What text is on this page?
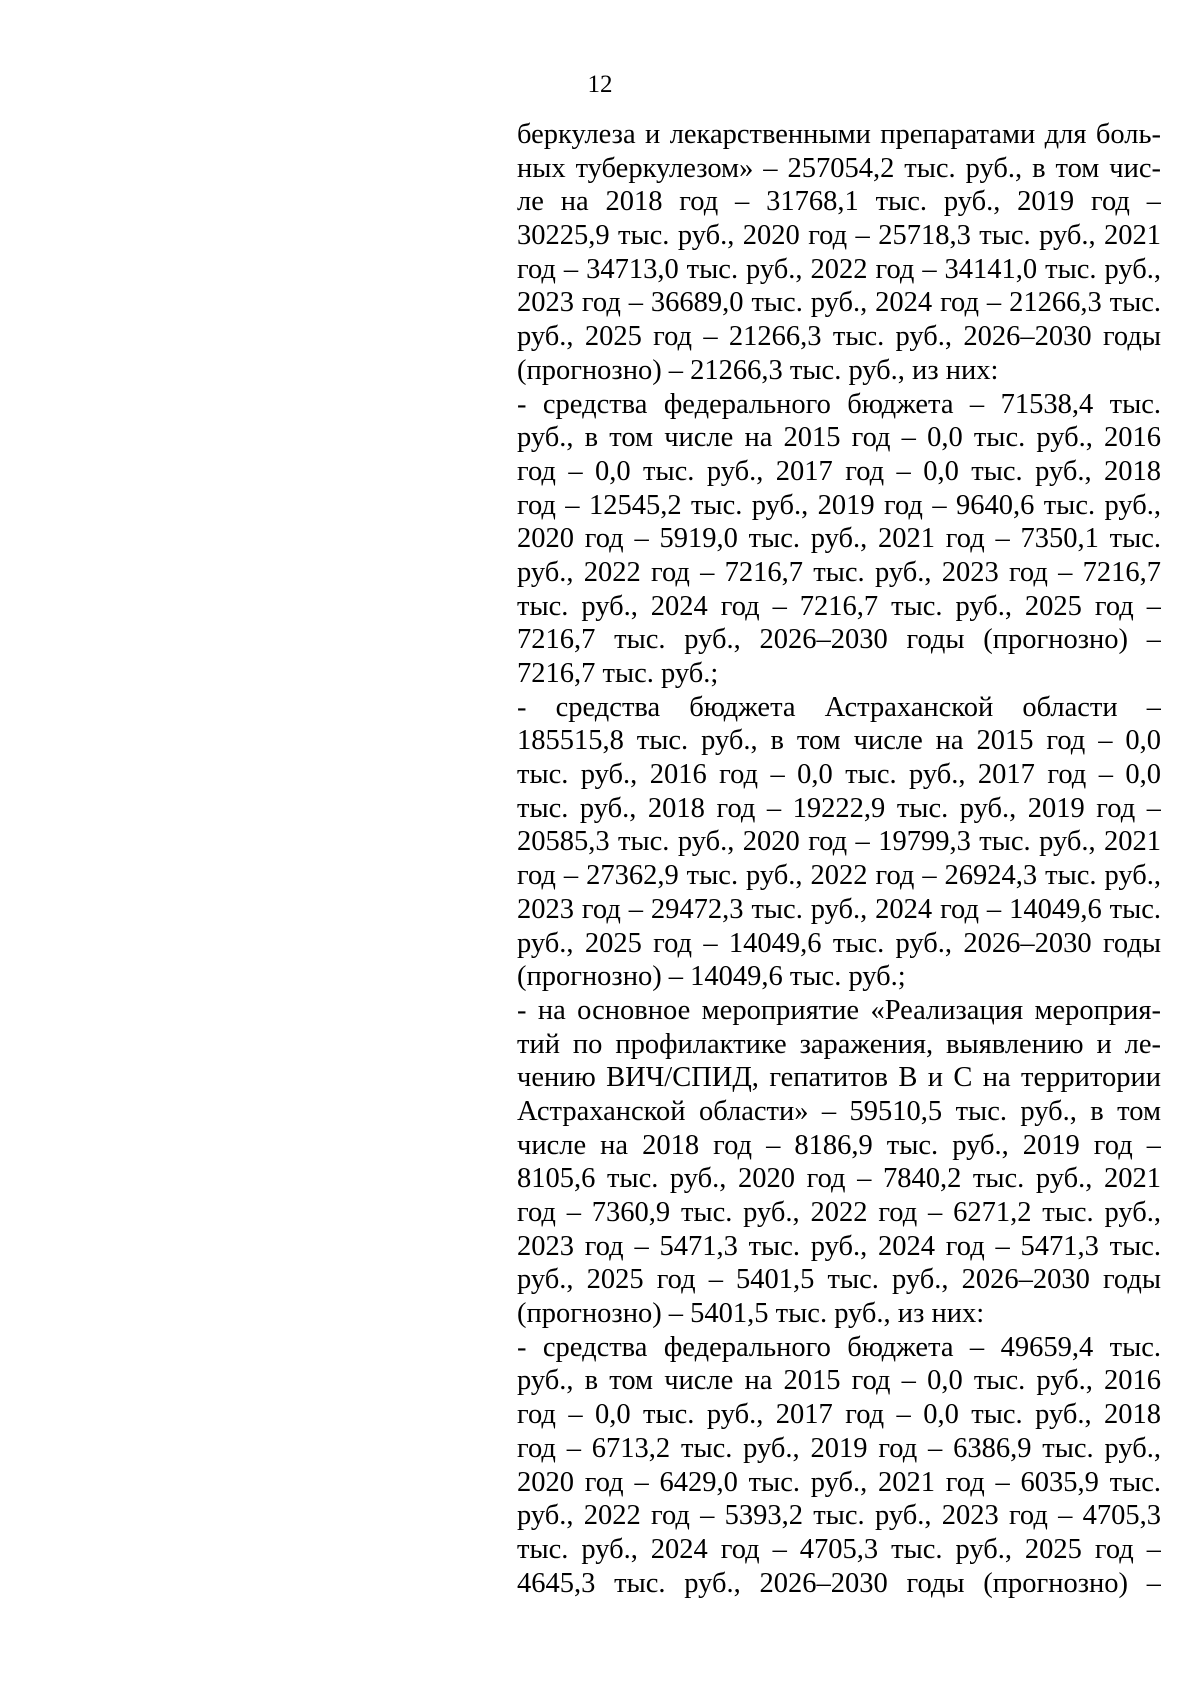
12
беркулеза и лекарственными препаратами для боль-
ных туберкулезом» – 257054,2 тыс. руб., в том чис-
ле на 2018 год – 31768,1 тыс. руб., 2019 год –
30225,9 тыс. руб., 2020 год – 25718,3 тыс. руб., 2021
год – 34713,0 тыс. руб., 2022 год – 34141,0 тыс. руб.,
2023 год – 36689,0 тыс. руб., 2024 год – 21266,3 тыс.
руб., 2025 год – 21266,3 тыс. руб., 2026–2030 годы
(прогнозно) – 21266,3 тыс. руб., из них:
- средства федерального бюджета – 71538,4 тыс.
руб., в том числе на 2015 год – 0,0 тыс. руб., 2016
год – 0,0 тыс. руб., 2017 год – 0,0 тыс. руб., 2018
год – 12545,2 тыс. руб., 2019 год – 9640,6 тыс. руб.,
2020 год – 5919,0 тыс. руб., 2021 год – 7350,1 тыс.
руб., 2022 год – 7216,7 тыс. руб., 2023 год – 7216,7
тыс. руб., 2024 год – 7216,7 тыс. руб., 2025 год –
7216,7 тыс. руб., 2026–2030 годы (прогнозно) –
7216,7 тыс. руб.;
- средства бюджета Астраханской области –
185515,8 тыс. руб., в том числе на 2015 год – 0,0
тыс. руб., 2016 год – 0,0 тыс. руб., 2017 год – 0,0
тыс. руб., 2018 год – 19222,9 тыс. руб., 2019 год –
20585,3 тыс. руб., 2020 год – 19799,3 тыс. руб., 2021
год – 27362,9 тыс. руб., 2022 год – 26924,3 тыс. руб.,
2023 год – 29472,3 тыс. руб., 2024 год – 14049,6 тыс.
руб., 2025 год – 14049,6 тыс. руб., 2026–2030 годы
(прогнозно) – 14049,6 тыс. руб.;
- на основное мероприятие «Реализация мероприя-
тий по профилактике заражения, выявлению и ле-
чению ВИЧ/СПИД, гепатитов В и С на территории
Астраханской области» – 59510,5 тыс. руб., в том
числе на 2018 год – 8186,9 тыс. руб., 2019 год –
8105,6 тыс. руб., 2020 год – 7840,2 тыс. руб., 2021
год – 7360,9 тыс. руб., 2022 год – 6271,2 тыс. руб.,
2023 год – 5471,3 тыс. руб., 2024 год – 5471,3 тыс.
руб., 2025 год – 5401,5 тыс. руб., 2026–2030 годы
(прогнозно) – 5401,5 тыс. руб., из них:
- средства федерального бюджета – 49659,4 тыс.
руб., в том числе на 2015 год – 0,0 тыс. руб., 2016
год – 0,0 тыс. руб., 2017 год – 0,0 тыс. руб., 2018
год – 6713,2 тыс. руб., 2019 год – 6386,9 тыс. руб.,
2020 год – 6429,0 тыс. руб., 2021 год – 6035,9 тыс.
руб., 2022 год – 5393,2 тыс. руб., 2023 год – 4705,3
тыс. руб., 2024 год – 4705,3 тыс. руб., 2025 год –
4645,3 тыс. руб., 2026–2030 годы (прогнозно) –
